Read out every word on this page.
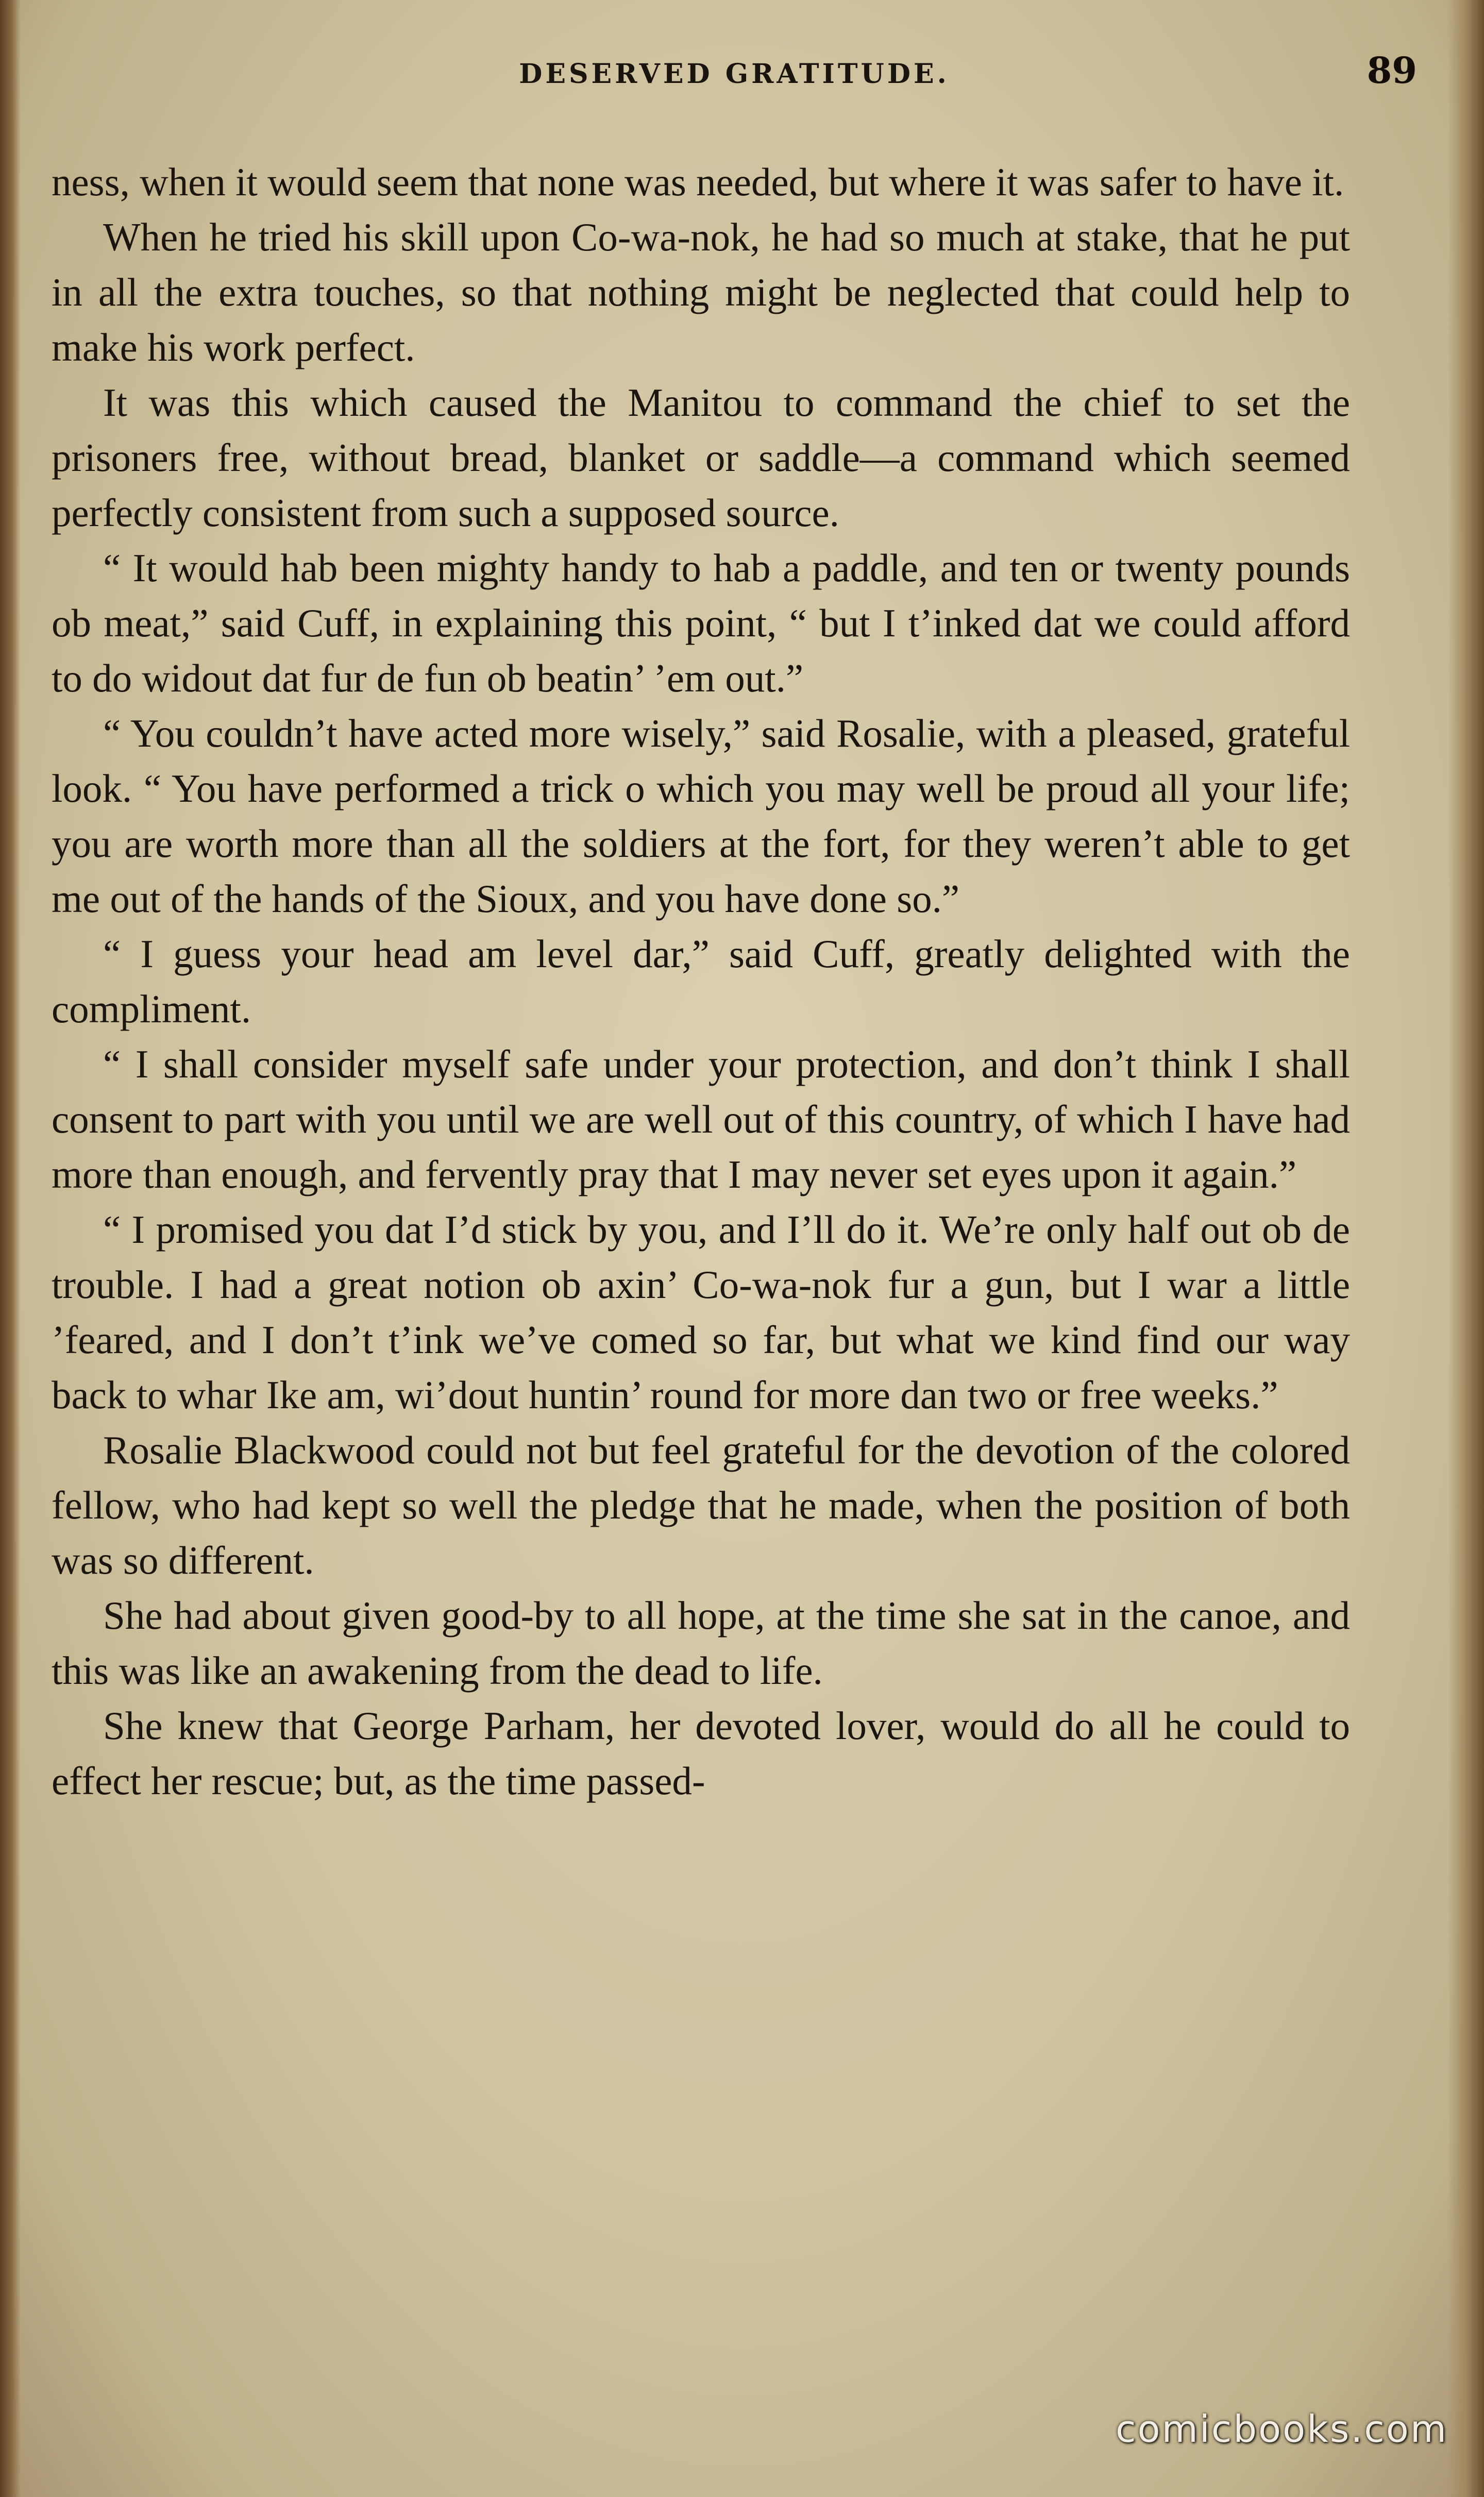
DESERVED GRATITUDE.	89

ness, when it would seem that none was needed, but where it was safer to have it.

When he tried his skill upon Co-wa-nok, he had so much at stake, that he put in all the extra touches, so that nothing might be neglected that could help to make his work perfect.

It was this which caused the Manitou to command the chief to set the prisoners free, without bread, blanket or saddle—a command which seemed perfectly consistent from such a supposed source.

“ It would hab been mighty handy to hab a paddle, and ten or twenty pounds ob meat,” said Cuff, in explaining this point, “ but I t’inked dat we could afford to do widout dat fur de fun ob beatin’ ’em out.”

“ You couldn’t have acted more wisely,” said Rosalie, with a pleased, grateful look. “ You have performed a trick o which you may well be proud all your life; you are worth more than all the soldiers at the fort, for they weren’t able to get me out of the hands of the Sioux, and you have done so.”

“ I guess your head am level dar,” said Cuff, greatly delighted with the compliment.

“ I shall consider myself safe under your protection, and don’t think I shall consent to part with you until we are well out of this country, of which I have had more than enough, and fervently pray that I may never set eyes upon it again.”

“ I promised you dat I’d stick by you, and I’ll do it. We’re only half out ob de trouble. I had a great notion ob axin’ Co-wa-nok fur a gun, but I war a little ’feared, and I don’t t’ink we’ve comed so far, but what we kind find our way back to whar Ike am, wi’dout huntin’ round for more dan two or free weeks.”

Rosalie Blackwood could not but feel grateful for the devotion of the colored fellow, who had kept so well the pledge that he made, when the position of both was so different.

She had about given good-by to all hope, at the time she sat in the canoe, and this was like an awakening from the dead to life.

She knew that George Parham, her devoted lover, would do all he could to effect her rescue; but, as the time passed-

comicbooks.com
